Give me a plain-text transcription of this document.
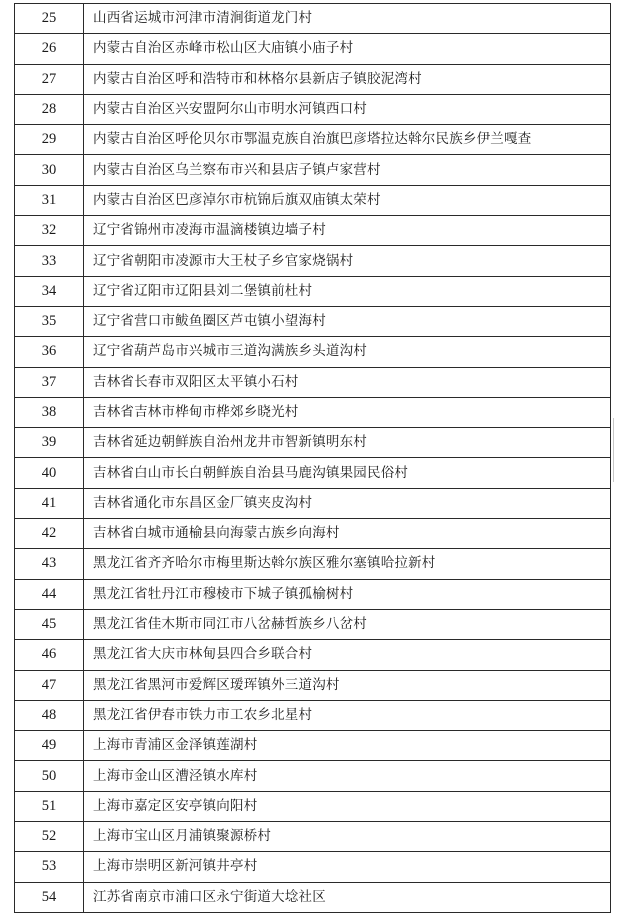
25	山西省运城市河津市清涧街道龙门村
26	内蒙古自治区赤峰市松山区大庙镇小庙子村
27	内蒙古自治区呼和浩特市和林格尔县新店子镇胶泥湾村
28	内蒙古自治区兴安盟阿尔山市明水河镇西口村
29	内蒙古自治区呼伦贝尔市鄂温克族自治旗巴彦塔拉达斡尔民族乡伊兰嘎查
30	内蒙古自治区乌兰察布市兴和县店子镇卢家营村
31	内蒙古自治区巴彦淖尔市杭锦后旗双庙镇太荣村
32	辽宁省锦州市凌海市温滴楼镇边墙子村
33	辽宁省朝阳市凌源市大王杖子乡官家烧锅村
34	辽宁省辽阳市辽阳县刘二堡镇前杜村
35	辽宁省营口市鲅鱼圈区芦屯镇小望海村
36	辽宁省葫芦岛市兴城市三道沟满族乡头道沟村
37	吉林省长春市双阳区太平镇小石村
38	吉林省吉林市桦甸市桦郊乡晓光村
39	吉林省延边朝鲜族自治州龙井市智新镇明东村
40	吉林省白山市长白朝鲜族自治县马鹿沟镇果园民俗村
41	吉林省通化市东昌区金厂镇夹皮沟村
42	吉林省白城市通榆县向海蒙古族乡向海村
43	黑龙江省齐齐哈尔市梅里斯达斡尔族区雅尔塞镇哈拉新村
44	黑龙江省牡丹江市穆棱市下城子镇孤榆树村
45	黑龙江省佳木斯市同江市八岔赫哲族乡八岔村
46	黑龙江省大庆市林甸县四合乡联合村
47	黑龙江省黑河市爱辉区瑷珲镇外三道沟村
48	黑龙江省伊春市铁力市工农乡北星村
49	上海市青浦区金泽镇莲湖村
50	上海市金山区漕泾镇水库村
51	上海市嘉定区安亭镇向阳村
52	上海市宝山区月浦镇聚源桥村
53	上海市崇明区新河镇井亭村
54	江苏省南京市浦口区永宁街道大埝社区
